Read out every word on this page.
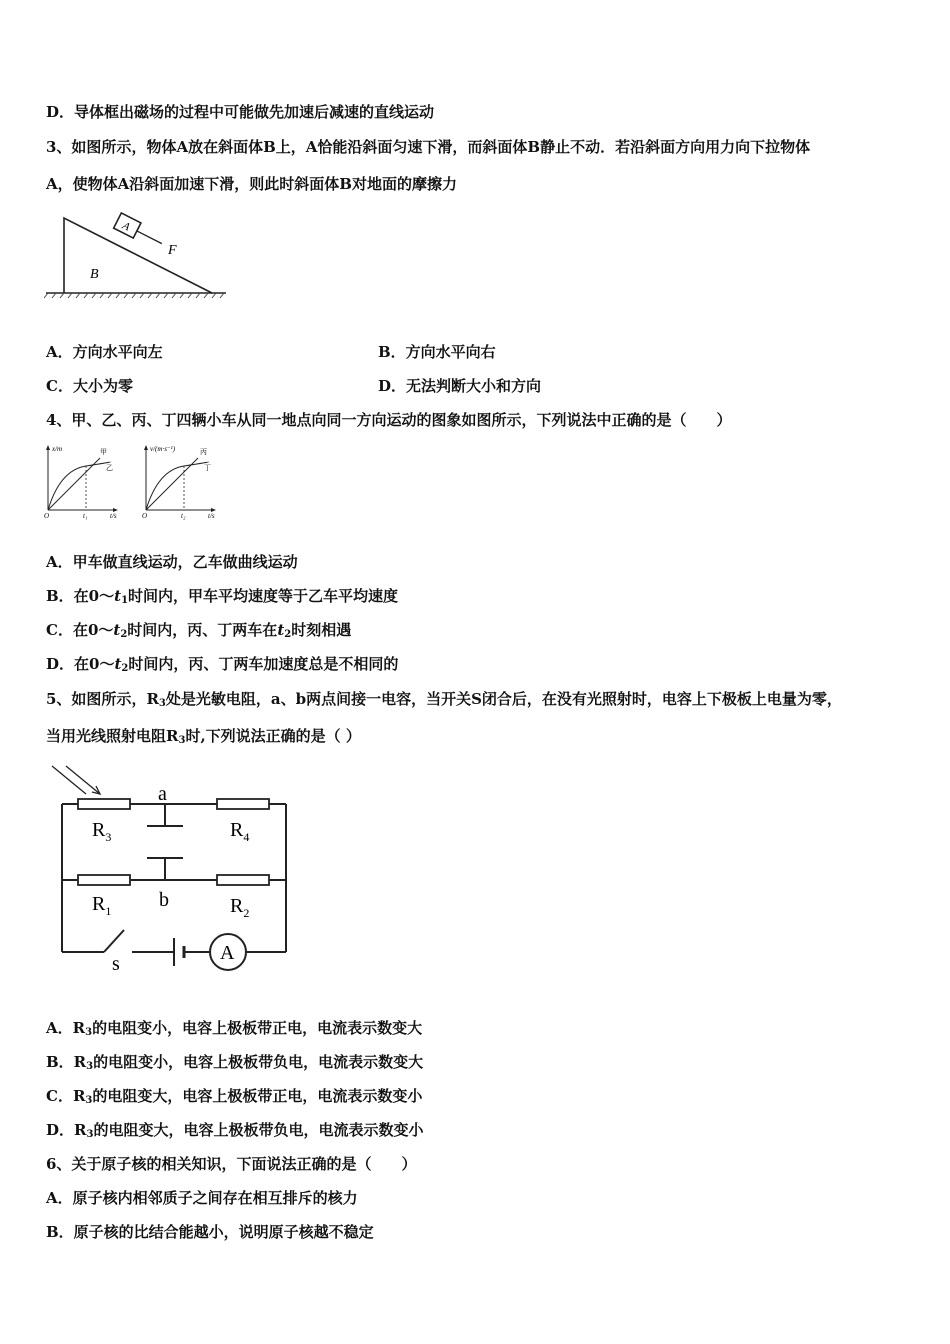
D．导体框出磁场的过程中可能做先加速后减速的直线运动
3、如图所示，物体A放在斜面体B上，A恰能沿斜面匀速下滑，而斜面体B静止不动．若沿斜面方向用力向下拉物体
A，使物体A沿斜面加速下滑，则此时斜面体B对地面的摩擦力
A
F
B
A．方向水平向左	B．方向水平向右
C．大小为零	D．无法判断大小和方向
4、甲、乙、丙、丁四辆小车从同一地点向同一方向运动的图象如图所示，下列说法中正确的是（　　）
x/m	甲
乙
O	t₁	t/s
v/(m·s⁻¹)	丙
丁
O	t₂	t/s
A．甲车做直线运动，乙车做曲线运动
B．在$0\sim t_1$时间内，甲车平均速度等于乙车平均速度
C．在$0\sim t_2$时间内，丙、丁两车在$t_2$时刻相遇
D．在$0\sim t_2$时间内，丙、丁两车加速度总是不相同的
5、如图所示，$R_3$处是光敏电阻，a、b两点间接一电容，当开关S闭合后，在没有光照射时，电容上下极板上电量为零，
当用光线照射电阻$R_3$时,下列说法正确的是（ ）
$R_3$	$R_4$
$R_1$	$R_2$
a
b
s	A
A．$R_3$的电阻变小，电容上极板带正电，电流表示数变大
B．$R_3$的电阻变小，电容上极板带负电，电流表示数变大
C．$R_3$的电阻变大，电容上极板带正电，电流表示数变小
D．$R_3$的电阻变大，电容上极板带负电，电流表示数变小
6、关于原子核的相关知识，下面说法正确的是（　　）
A．原子核内相邻质子之间存在相互排斥的核力
B．原子核的比结合能越小，说明原子核越不稳定
